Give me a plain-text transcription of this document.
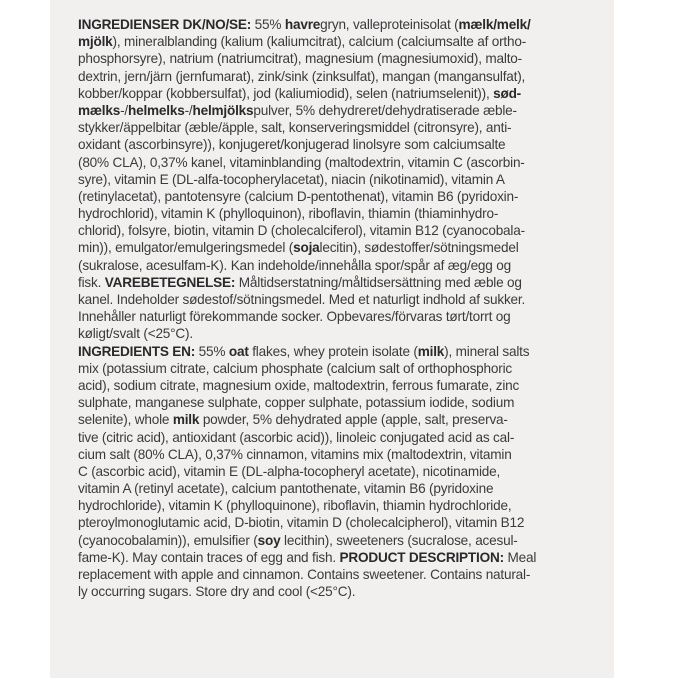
INGREDIENSER DK/NO/SE: 55% havregryn, valleproteinisolat (mælk/melk/
mjölk), mineralblanding (kalium (kaliumcitrat), calcium (calciumsalte af ortho-
phosphorsyre), natrium (natriumcitrat), magnesium (magnesiumoxid), malto-
dextrin, jern/järn (jernfumarat), zink/sink (zinksulfat), mangan (mangansulfat),
kobber/koppar (kobbersulfat), jod (kaliumiodid), selen (natriumselenit)), sød-
mælks-/helmelks-/helmjölkspulver, 5% dehydreret/dehydratiserade æble-
stykker/äppelbitar (æble/äpple, salt, konserveringsmiddel (citronsyre), anti-
oxidant (ascorbinsyre)), konjugeret/konjugerad linolsyre som calciumsalte
(80% CLA), 0,37% kanel, vitaminblanding (maltodextrin, vitamin C (ascorbin-
syre), vitamin E (DL-alfa-tocopherylacetat), niacin (nikotinamid), vitamin A
(retinylacetat), pantotensyre (calcium D-pentothenat), vitamin B6 (pyridoxin-
hydrochlorid), vitamin K (phylloquinon), riboflavin, thiamin (thiaminhydro-
chlorid), folsyre, biotin, vitamin D (cholecalciferol), vitamin B12 (cyanocobala-
min)), emulgator/emulgeringsmedel (sojalecitin), sødestoffer/sötningsmedel
(sukralose, acesulfam-K). Kan indeholde/innehålla spor/spår af æg/egg og
fisk. VAREBETEGNELSE: Måltidserstatning/måltidsersättning med æble og
kanel. Indeholder sødestof/sötningsmedel. Med et naturligt indhold af sukker.
Innehåller naturligt förekommande socker. Opbevares/förvaras tørt/torrt og
køligt/svalt (<25°C).
INGREDIENTS EN: 55% oat flakes, whey protein isolate (milk), mineral salts
mix (potassium citrate, calcium phosphate (calcium salt of orthophosphoric
acid), sodium citrate, magnesium oxide, maltodextrin, ferrous fumarate, zinc
sulphate, manganese sulphate, copper sulphate, potassium iodide, sodium
selenite), whole milk powder, 5% dehydrated apple (apple, salt, preserva-
tive (citric acid), antioxidant (ascorbic acid)), linoleic conjugated acid as cal-
cium salt (80% CLA), 0,37% cinnamon, vitamins mix (maltodextrin, vitamin
C (ascorbic acid), vitamin E (DL-alpha-tocopheryl acetate), nicotinamide,
vitamin A (retinyl acetate), calcium pantothenate, vitamin B6 (pyridoxine
hydrochloride), vitamin K (phylloquinone), riboflavin, thiamin hydrochloride,
pteroylmonoglutamic acid, D-biotin, vitamin D (cholecalcipherol), vitamin B12
(cyanocobalamin)), emulsifier (soy lecithin), sweeteners (sucralose, acesul-
fame-K). May contain traces of egg and fish. PRODUCT DESCRIPTION: Meal
replacement with apple and cinnamon. Contains sweetener. Contains natural-
ly occurring sugars. Store dry and cool (<25°C).
